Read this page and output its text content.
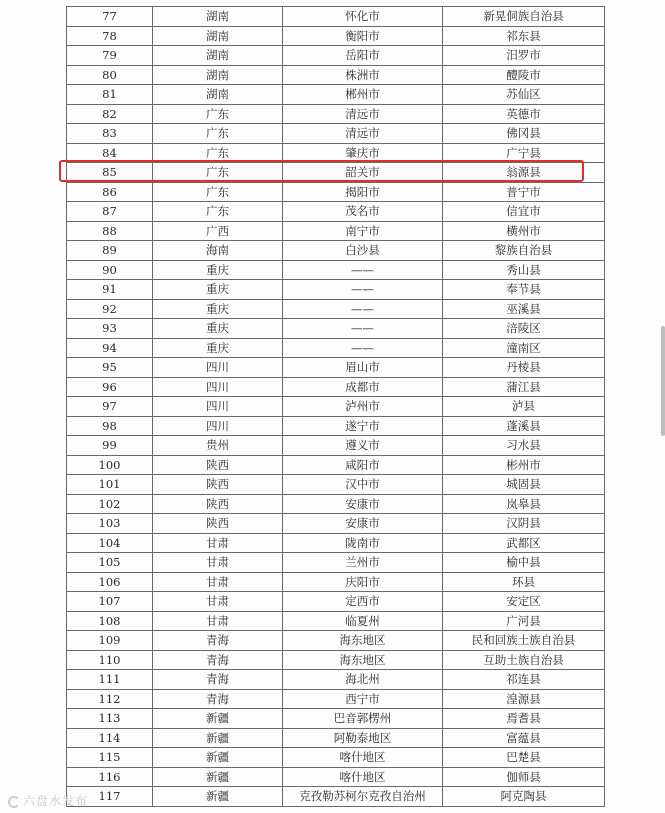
77	湖南	怀化市	新晃侗族自治县
78	湖南	衡阳市	祁东县
79	湖南	岳阳市	汨罗市
80	湖南	株洲市	醴陵市
81	湖南	郴州市	苏仙区
82	广东	清远市	英德市
83	广东	清远市	佛冈县
84	广东	肇庆市	广宁县
85	广东	韶关市	翁源县
86	广东	揭阳市	普宁市
87	广东	茂名市	信宜市
88	广西	南宁市	横州市
89	海南	白沙县	黎族自治县
90	重庆	——	秀山县
91	重庆	——	奉节县
92	重庆	——	巫溪县
93	重庆	——	涪陵区
94	重庆	——	潼南区
95	四川	眉山市	丹棱县
96	四川	成都市	蒲江县
97	四川	泸州市	泸县
98	四川	遂宁市	蓬溪县
99	贵州	遵义市	习水县
100	陕西	咸阳市	彬州市
101	陕西	汉中市	城固县
102	陕西	安康市	岚皋县
103	陕西	安康市	汉阴县
104	甘肃	陇南市	武都区
105	甘肃	兰州市	榆中县
106	甘肃	庆阳市	环县
107	甘肃	定西市	安定区
108	甘肃	临夏州	广河县
109	青海	海东地区	民和回族土族自治县
110	青海	海东地区	互助土族自治县
111	青海	海北州	祁连县
112	青海	西宁市	湟源县
113	新疆	巴音郭楞州	焉耆县
114	新疆	阿勒泰地区	富蕴县
115	新疆	喀什地区	巴楚县
116	新疆	喀什地区	伽师县
117	新疆	克孜勒苏柯尔克孜自治州	阿克陶县
六盘水发布
